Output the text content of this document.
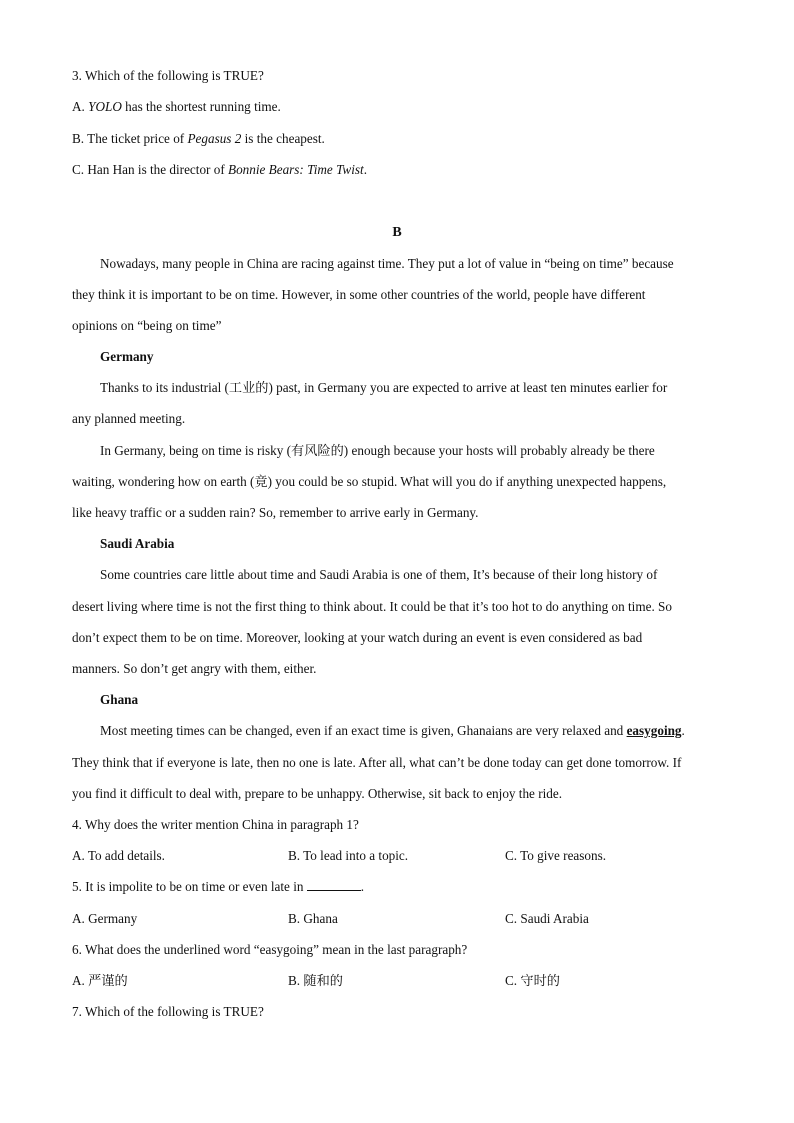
3. Which of the following is TRUE?
A. YOLO has the shortest running time.
B. The ticket price of Pegasus 2 is the cheapest.
C. Han Han is the director of Bonnie Bears: Time Twist.
B
Nowadays, many people in China are racing against time. They put a lot of value in “being on time” because
they think it is important to be on time. However, in some other countries of the world, people have different
opinions on “being on time”
Germany
Thanks to its industrial (工业的) past, in Germany you are expected to arrive at least ten minutes earlier for
any planned meeting.
In Germany, being on time is risky (有风险的) enough because your hosts will probably already be there
waiting, wondering how on earth (竟) you could be so stupid. What will you do if anything unexpected happens,
like heavy traffic or a sudden rain? So, remember to arrive early in Germany.
Saudi Arabia
Some countries care little about time and Saudi Arabia is one of them, It’s because of their long history of
desert living where time is not the first thing to think about. It could be that it’s too hot to do anything on time. So
don’t expect them to be on time. Moreover, looking at your watch during an event is even considered as bad
manners. So don’t get angry with them, either.
Ghana
Most meeting times can be changed, even if an exact time is given, Ghanaians are very relaxed and easygoing.
They think that if everyone is late, then no one is late. After all, what can’t be done today can get done tomorrow. If
you find it difficult to deal with, prepare to be unhappy. Otherwise, sit back to enjoy the ride.
4. Why does the writer mention China in paragraph 1?
A. To add details.	B. To lead into a topic.	C. To give reasons.
5. It is impolite to be on time or even late in	.
A. Germany	B. Ghana	C. Saudi Arabia
6. What does the underlined word “easygoing” mean in the last paragraph?
A. 严谨的	B. 随和的	C. 守时的
7. Which of the following is TRUE?
